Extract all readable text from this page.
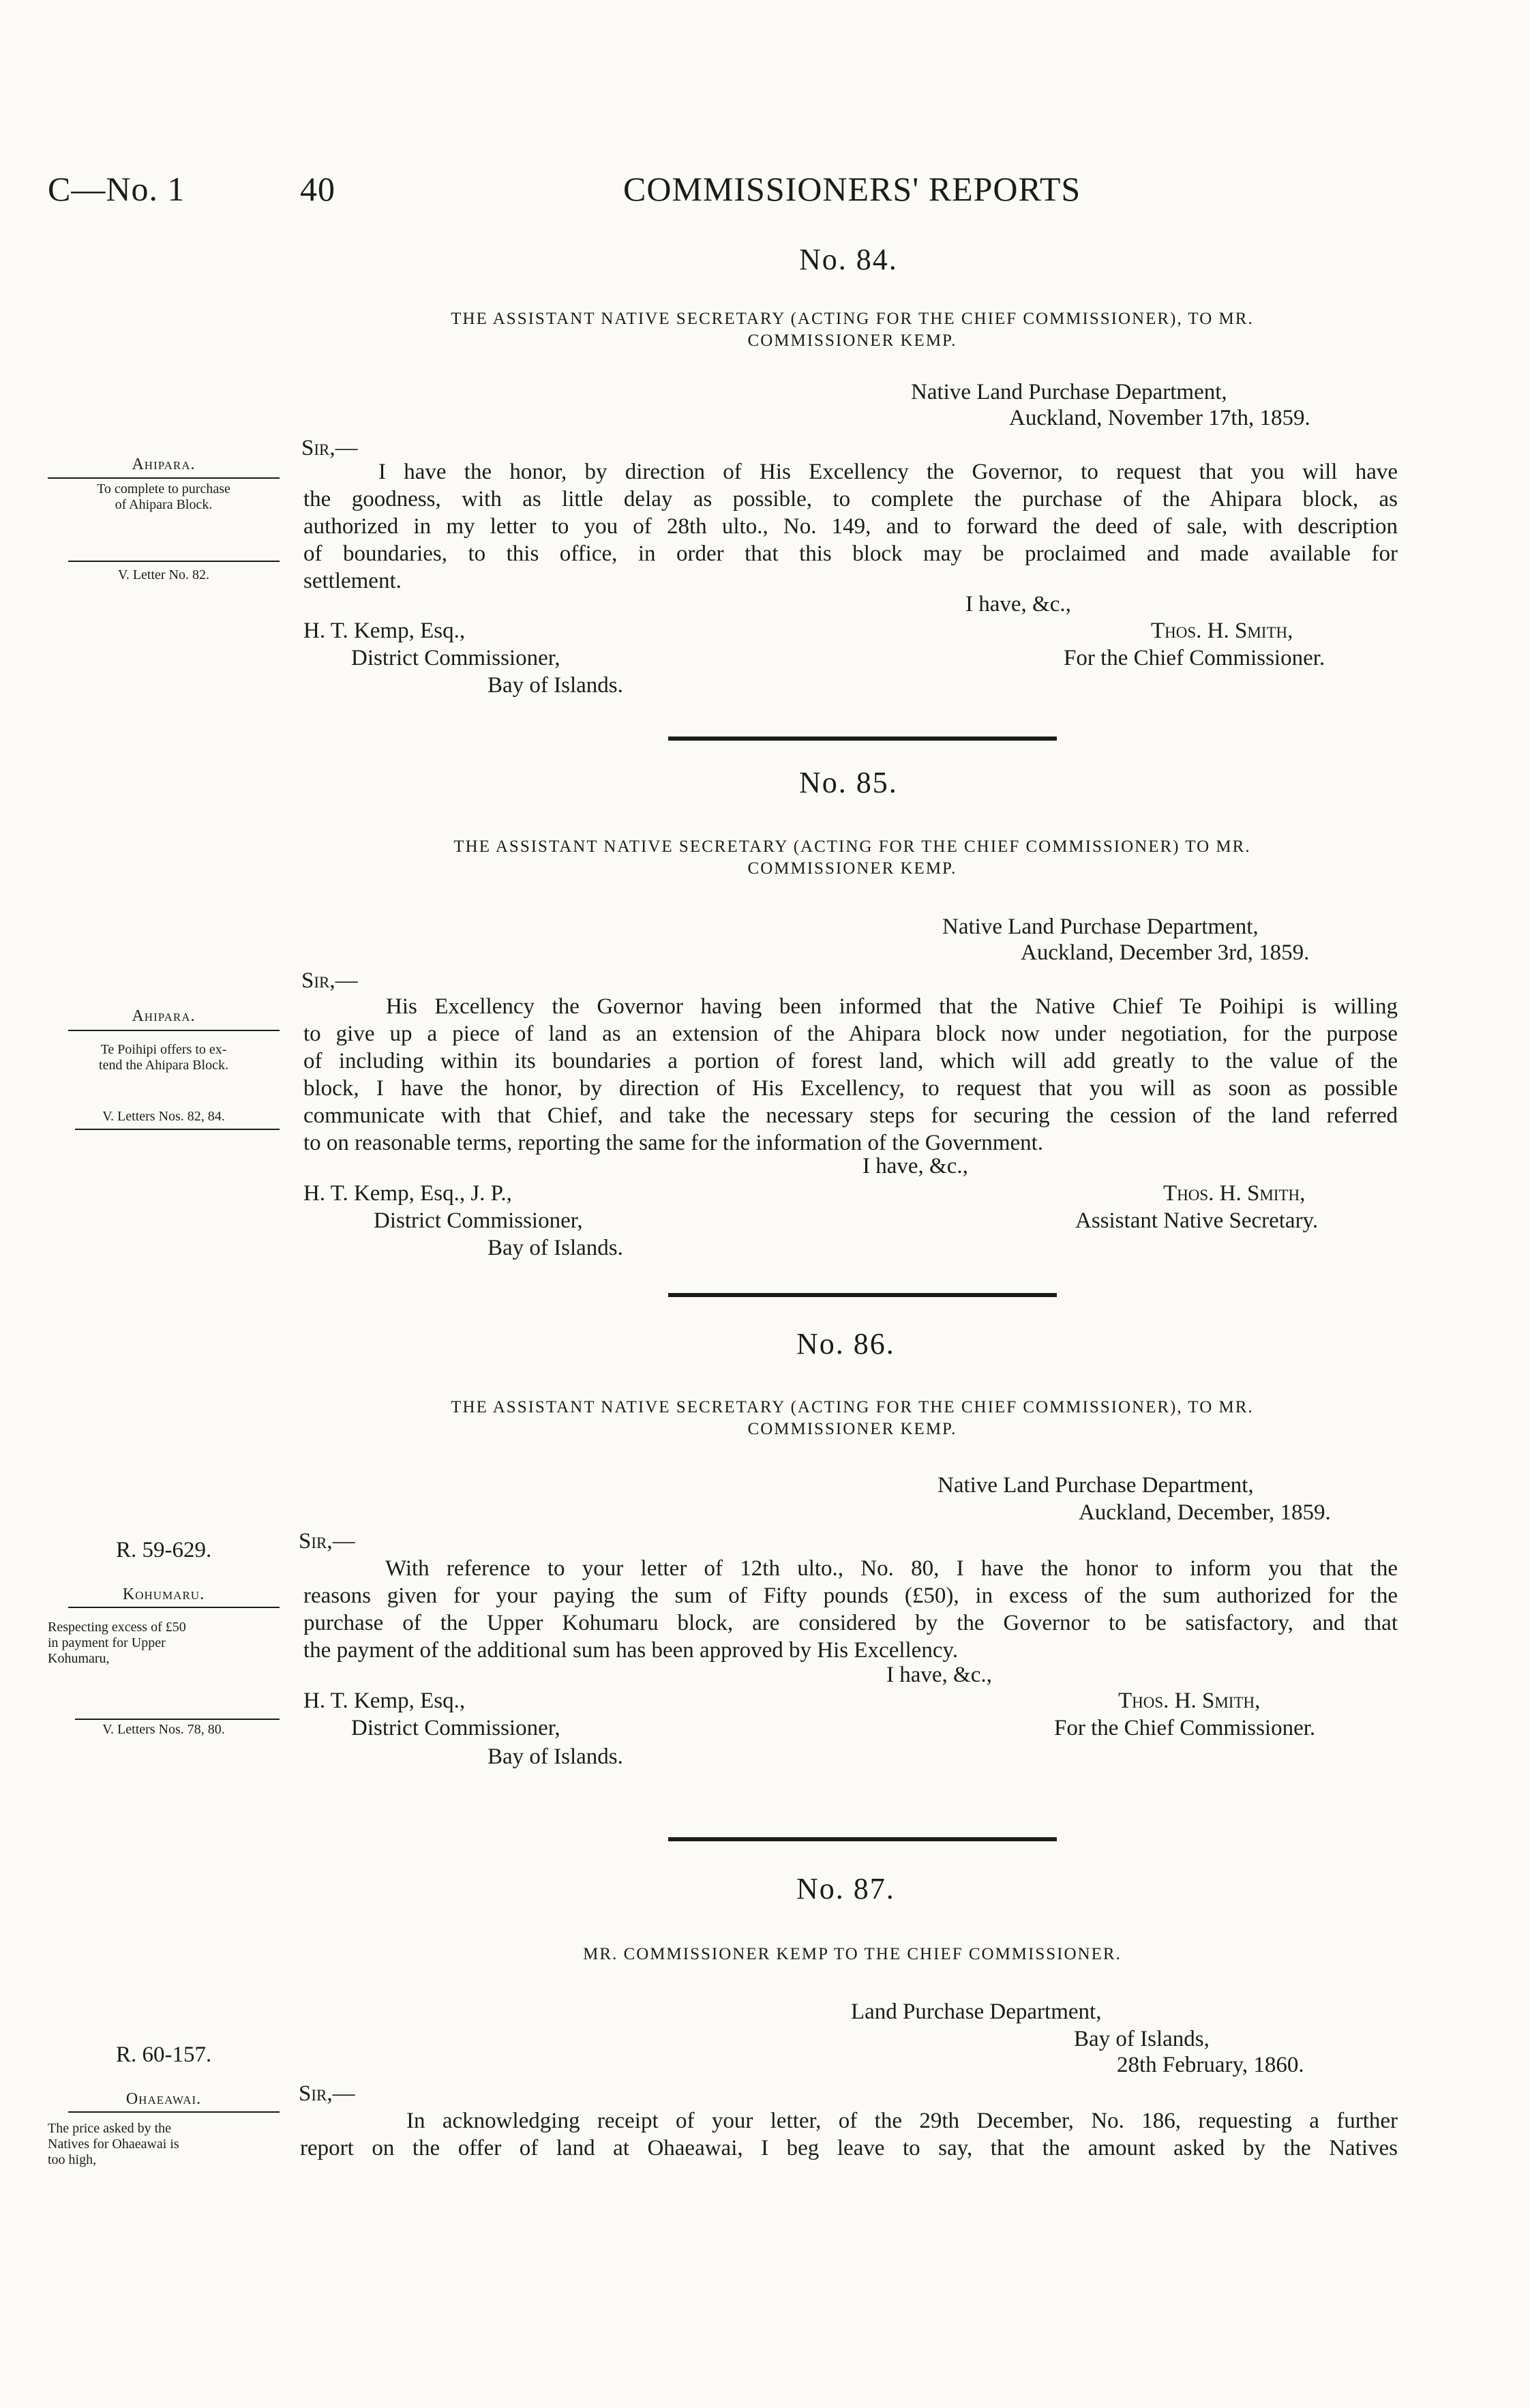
C—No. 1	40	COMMISSIONERS' REPORTS
No. 84.
THE ASSISTANT NATIVE SECRETARY (ACTING FOR THE CHIEF COMMISSIONER), TO MR.
COMMISSIONER KEMP.
Native Land Purchase Department,
Auckland, November 17th, 1859.
Sir,—
I have the honor, by direction of His Excellency the Governor, to request that you will have
the goodness, with as little delay as possible, to complete the purchase of the Ahipara block, as
authorized in my letter to you of 28th ulto., No. 149, and to forward the deed of sale, with description
of boundaries, to this office, in order that this block may be proclaimed and made available for
settlement.
I have, &c.,
H. T. Kemp, Esq.,
District Commissioner,
Bay of Islands.
Thos. H. Smith,
For the Chief Commissioner.
Ahipara.
To complete to purchase
of Ahipara Block.
V. Letter No. 82.
No. 85.
THE ASSISTANT NATIVE SECRETARY (ACTING FOR THE CHIEF COMMISSIONER) TO MR.
COMMISSIONER KEMP.
Native Land Purchase Department,
Auckland, December 3rd, 1859.
Sir,—
His Excellency the Governor having been informed that the Native Chief Te Poihipi is willing
to give up a piece of land as an extension of the Ahipara block now under negotiation, for the purpose
of including within its boundaries a portion of forest land, which will add greatly to the value of the
block, I have the honor, by direction of His Excellency, to request that you will as soon as possible
communicate with that Chief, and take the necessary steps for securing the cession of the land referred
to on reasonable terms, reporting the same for the information of the Government.
I have, &c.,
H. T. Kemp, Esq., J. P.,
District Commissioner,
Bay of Islands.
Thos. H. Smith,
Assistant Native Secretary.
Ahipara.
Te Poihipi offers to ex-
tend the Ahipara Block.
V. Letters Nos. 82, 84.
No. 86.
THE ASSISTANT NATIVE SECRETARY (ACTING FOR THE CHIEF COMMISSIONER), TO MR.
COMMISSIONER KEMP.
Native Land Purchase Department,
Auckland, December, 1859.
Sir,—
With reference to your letter of 12th ulto., No. 80, I have the honor to inform you that the
reasons given for your paying the sum of Fifty pounds (£50), in excess of the sum authorized for the
purchase of the Upper Kohumaru block, are considered by the Governor to be satisfactory, and that
the payment of the additional sum has been approved by His Excellency.
I have, &c.,
H. T. Kemp, Esq.,
District Commissioner,
Bay of Islands.
Thos. H. Smith,
For the Chief Commissioner.
R. 59-629.
Kohumaru.
Respecting excess of £50
in payment for Upper
Kohumaru,
V. Letters Nos. 78, 80.
No. 87.
MR. COMMISSIONER KEMP TO THE CHIEF COMMISSIONER.
Land Purchase Department,
Bay of Islands,
28th February, 1860.
Sir,—
In acknowledging receipt of your letter, of the 29th December, No. 186, requesting a further
report on the offer of land at Ohaeawai, I beg leave to say, that the amount asked by the Natives
R. 60-157.
Ohaeawai.
The price asked by the
Natives for Ohaeawai is
too high,
